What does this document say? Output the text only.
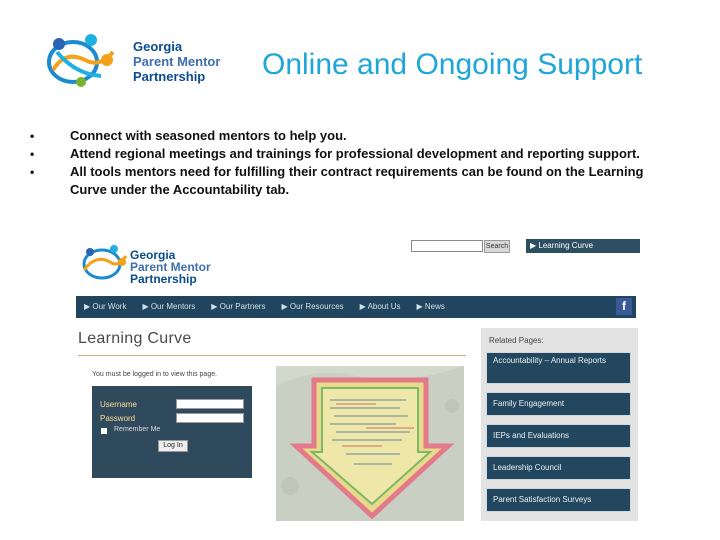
Georgia
Parent Mentor
Partnership	Online and Ongoing Support
•	Connect with seasoned mentors to help you.
•	Attend regional meetings and trainings for professional development and reporting support.
•	All tools mentors need for fulfilling their contract requirements can be found on the Learning Curve under the Accountability tab.
Georgia
Parent Mentor
Partnership
Search	▶ Learning Curve
▶ Our Work	▶ Our Mentors	▶ Our Partners	▶ Our Resources	▶ About Us	▶ News	f
Learning Curve
You must be logged in to view this page.
Username
Password
Remember Me
Log In
Related Pages:
Accountability – Annual Reports
Family Engagement
IEPs and Evaluations
Leadership Council
Parent Satisfaction Surveys
